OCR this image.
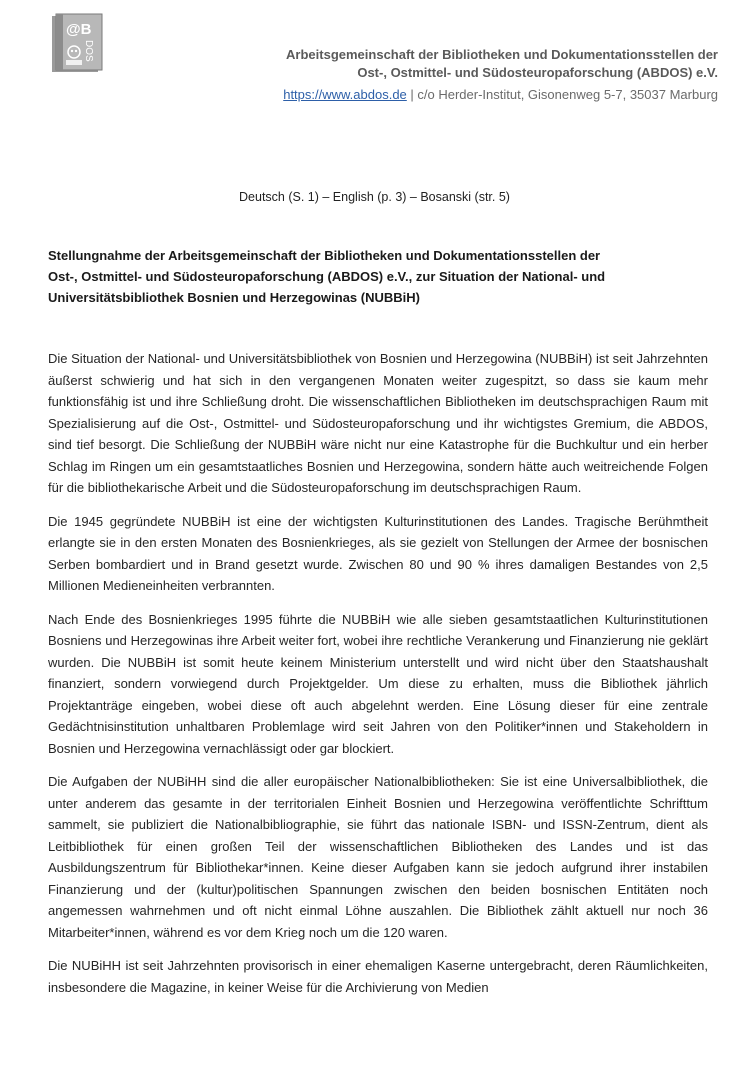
@B
DOS	Arbeitsgemeinschaft der Bibliotheken und Dokumentationsstellen der
Ost-, Ostmittel- und Südosteuropaforschung (ABDOS) e.V.
https://www.abdos.de | c/o Herder-Institut, Gisonenweg 5-7, 35037 Marburg
Deutsch (S. 1) – English (p. 3) – Bosanski (str. 5)
Stellungnahme der Arbeitsgemeinschaft der Bibliotheken und Dokumentationsstellen der
Ost-, Ostmittel- und Südosteuropaforschung (ABDOS) e.V., zur Situation der National- und
Universitätsbibliothek Bosnien und Herzegowinas (NUBBiH)

Die Situation der National- und Universitätsbibliothek von Bosnien und Herzegowina (NUBBiH) ist seit Jahrzehnten äußerst schwierig und hat sich in den vergangenen Monaten weiter zugespitzt, so dass sie kaum mehr funktionsfähig ist und ihre Schließung droht. Die wissenschaftlichen Bibliotheken im deutschsprachigen Raum mit Spezialisierung auf die Ost-, Ostmittel- und Südosteuropaforschung und ihr wichtigstes Gremium, die ABDOS, sind tief besorgt. Die Schließung der NUBBiH wäre nicht nur eine Katastrophe für die Buchkultur und ein herber Schlag im Ringen um ein gesamtstaatliches Bosnien und Herzegowina, sondern hätte auch weitreichende Folgen für die bibliothekarische Arbeit und die Südosteuropaforschung im deutschsprachigen Raum.

Die 1945 gegründete NUBBiH ist eine der wichtigsten Kulturinstitutionen des Landes. Tragische Berühmtheit erlangte sie in den ersten Monaten des Bosnienkrieges, als sie gezielt von Stellungen der Armee der bosnischen Serben bombardiert und in Brand gesetzt wurde. Zwischen 80 und 90 % ihres damaligen Bestandes von 2,5 Millionen Medieneinheiten verbrannten.

Nach Ende des Bosnienkrieges 1995 führte die NUBBiH wie alle sieben gesamtstaatlichen Kulturinstitutionen Bosniens und Herzegowinas ihre Arbeit weiter fort, wobei ihre rechtliche Verankerung und Finanzierung nie geklärt wurden. Die NUBBiH ist somit heute keinem Ministerium unterstellt und wird nicht über den Staatshaushalt finanziert, sondern vorwiegend durch Projektgelder. Um diese zu erhalten, muss die Bibliothek jährlich Projektanträge eingeben, wobei diese oft auch abgelehnt werden. Eine Lösung dieser für eine zentrale Gedächtnisinstitution unhaltbaren Problemlage wird seit Jahren von den Politiker*innen und Stakeholdern in Bosnien und Herzegowina vernachlässigt oder gar blockiert.

Die Aufgaben der NUBiHH sind die aller europäischer Nationalbibliotheken: Sie ist eine Universalbibliothek, die unter anderem das gesamte in der territorialen Einheit Bosnien und Herzegowina veröffentlichte Schrifttum sammelt, sie publiziert die Nationalbibliographie, sie führt das nationale ISBN- und ISSN-Zentrum, dient als Leitbibliothek für einen großen Teil der wissenschaftlichen Bibliotheken des Landes und ist das Ausbildungszentrum für Bibliothekar*innen. Keine dieser Aufgaben kann sie jedoch aufgrund ihrer instabilen Finanzierung und der (kultur)politischen Spannungen zwischen den beiden bosnischen Entitäten noch angemessen wahrnehmen und oft nicht einmal Löhne auszahlen. Die Bibliothek zählt aktuell nur noch 36 Mitarbeiter*innen, während es vor dem Krieg noch um die 120 waren.

Die NUBiHH ist seit Jahrzehnten provisorisch in einer ehemaligen Kaserne untergebracht, deren Räumlichkeiten, insbesondere die Magazine, in keiner Weise für die Archivierung von Medien
